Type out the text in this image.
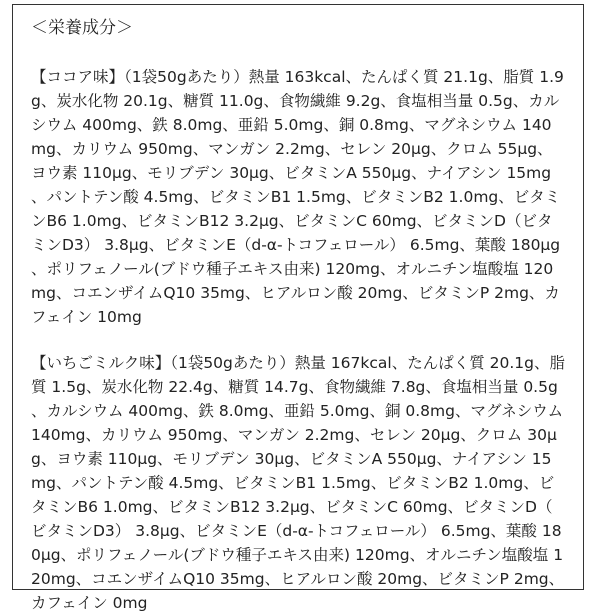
＜栄養成分＞

【ココア味】（1袋50gあたり）熱量 163kcal、たんぱく質 21.1g、脂質 1.9g、炭水化物 20.1g、糖質 11.0g、食物繊維 9.2g、食塩相当量 0.5g、カルシウム 400mg、鉄 8.0mg、亜鉛 5.0mg、銅 0.8mg、マグネシウム 140mg、カリウム 950mg、マンガン 2.2mg、セレン 20μg、クロム 55μg、ヨウ素 110μg、モリブデン 30μg、ビタミンA 550μg、ナイアシン 15mg、パントテン酸 4.5mg、ビタミンB1 1.5mg、ビタミンB2 1.0mg、ビタミンB6 1.0mg、ビタミンB12 3.2μg、ビタミンC 60mg、ビタミンD（ビタミンD3） 3.8μg、ビタミンE（d-α-トコフェロール） 6.5mg、葉酸 180μg、ポリフェノール(ブドウ種子エキス由来) 120mg、オルニチン塩酸塩 120mg、コエンザイムQ10 35mg、ヒアルロン酸 20mg、ビタミンP 2mg、カフェイン 10mg

【いちごミルク味】（1袋50gあたり）熱量 167kcal、たんぱく質 20.1g、脂質 1.5g、炭水化物 22.4g、糖質 14.7g、食物繊維 7.8g、食塩相当量 0.5g、カルシウム 400mg、鉄 8.0mg、亜鉛 5.0mg、銅 0.8mg、マグネシウム 140mg、カリウム 950mg、マンガン 2.2mg、セレン 20μg、クロム 30μg、ヨウ素 110μg、モリブデン 30μg、ビタミンA 550μg、ナイアシン 15mg、パントテン酸 4.5mg、ビタミンB1 1.5mg、ビタミンB2 1.0mg、ビタミンB6 1.0mg、ビタミンB12 3.2μg、ビタミンC 60mg、ビタミンD（ビタミンD3） 3.8μg、ビタミンE（d-α-トコフェロール） 6.5mg、葉酸 180μg、ポリフェノール(ブドウ種子エキス由来) 120mg、オルニチン塩酸塩 120mg、コエンザイムQ10 35mg、ヒアルロン酸 20mg、ビタミンP 2mg、カフェイン 0mg
